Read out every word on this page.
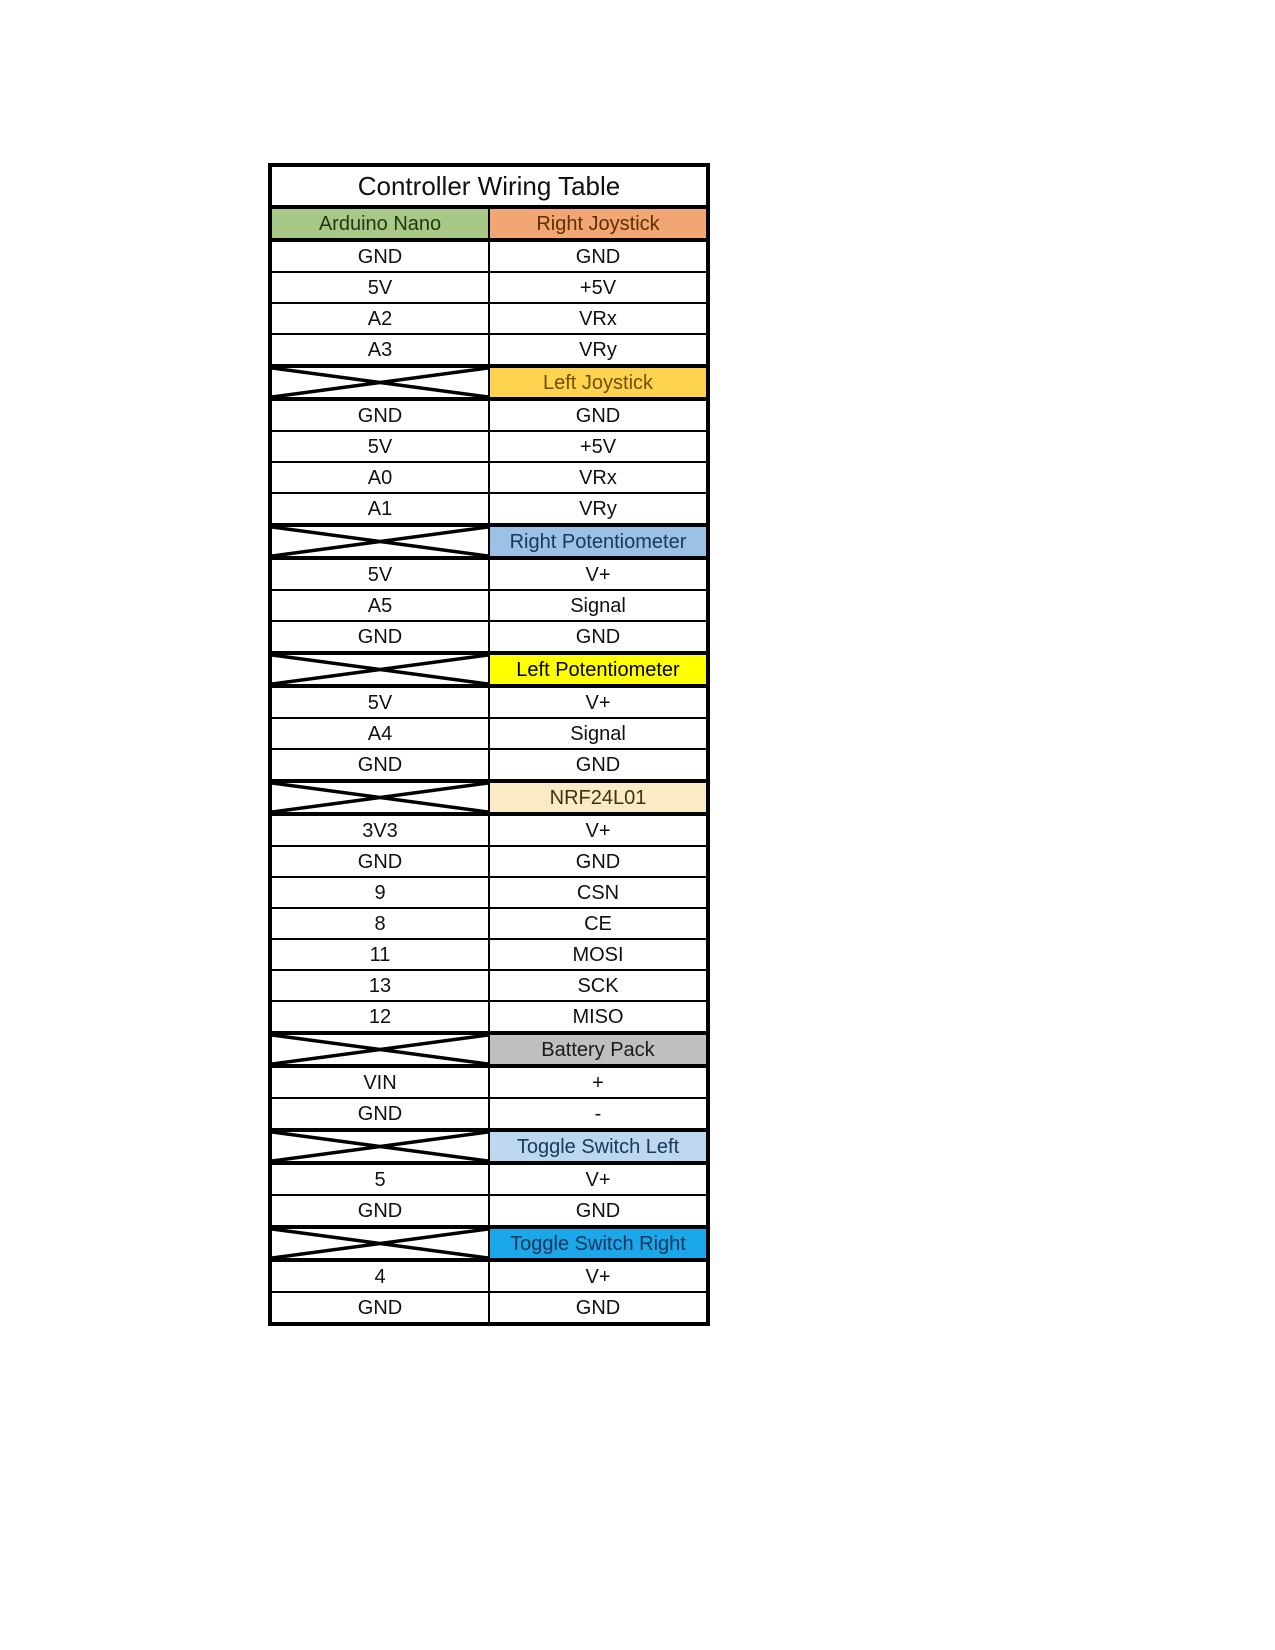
Controller Wiring Table	
Arduino Nano	Right Joystick
GND	GND
5V	+5V
A2	VRx
A3	VRy

	Left Joystick
GND	GND
5V	+5V
A0	VRx
A1	VRy

	Right Potentiometer
5V	V+
A5	Signal
GND	GND

	Left Potentiometer
5V	V+
A4	Signal
GND	GND

	NRF24L01
3V3	V+
GND	GND
9	CSN
8	CE
11	MOSI
13	SCK
12	MISO

	Battery Pack
VIN	+
GND	-

	Toggle Switch Left
5	V+
GND	GND

	Toggle Switch Right
4	V+
GND	GND
